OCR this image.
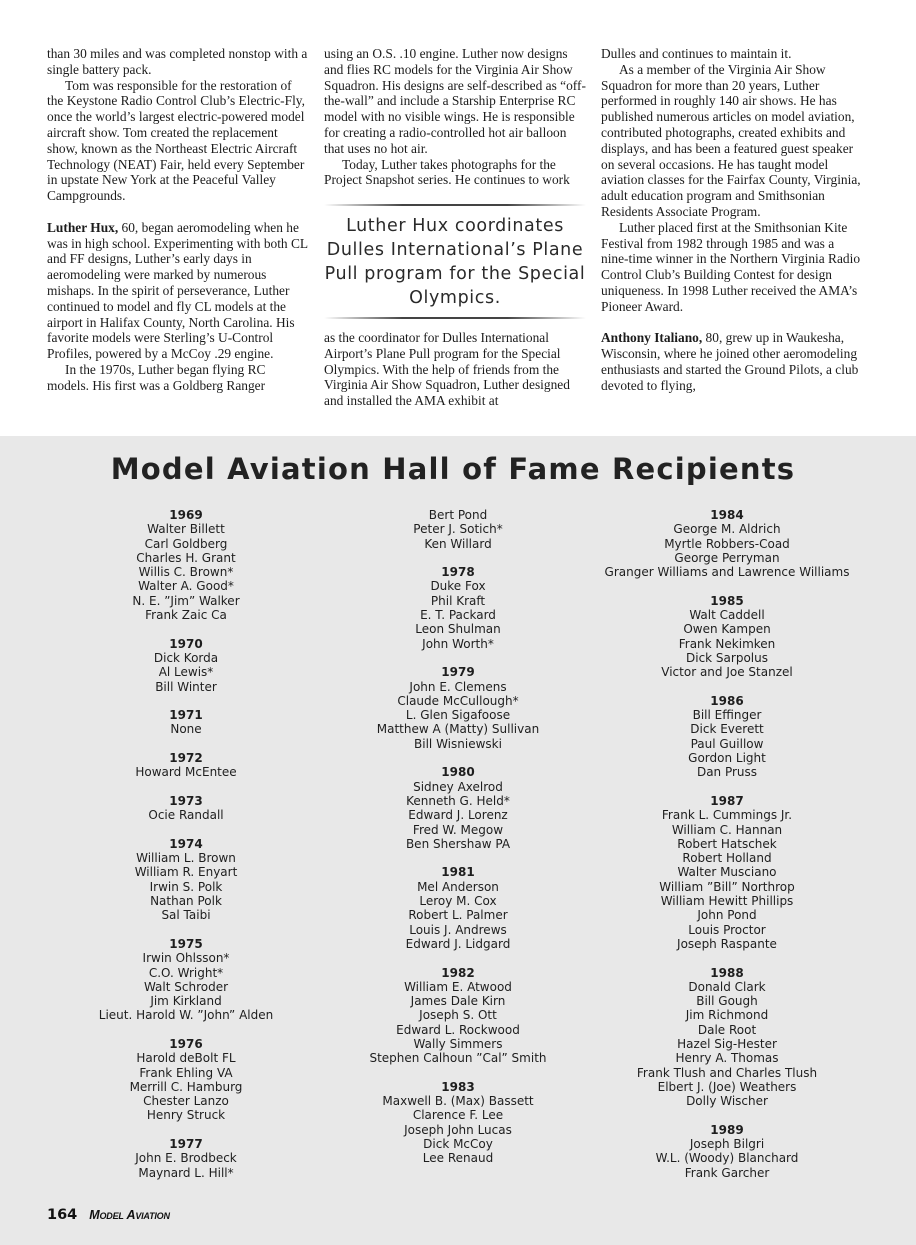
than 30 miles and was completed nonstop with a single battery pack.

Tom was responsible for the restoration of the Keystone Radio Control Club’s Electric-Fly, once the world’s largest electric-powered model aircraft show. Tom created the replacement show, known as the Northeast Electric Aircraft Technology (NEAT) Fair, held every September in upstate New York at the Peaceful Valley Campgrounds.

Luther Hux, 60, began aeromodeling when he was in high school. Experimenting with both CL and FF designs, Luther’s early days in aeromodeling were marked by numerous mishaps. In the spirit of perseverance, Luther continued to model and fly CL models at the airport in Halifax County, North Carolina. His favorite models were Sterling’s U-Control Profiles, powered by a McCoy .29 engine.

In the 1970s, Luther began flying RC models. His first was a Goldberg Ranger

using an O.S. .10 engine. Luther now designs and flies RC models for the Virginia Air Show Squadron. His designs are self-described as “off-the-wall” and include a Starship Enterprise RC model with no visible wings. He is responsible for creating a radio-controlled hot air balloon that uses no hot air.

Today, Luther takes photographs for the Project Snapshot series. He continues to work

Luther Hux coordinates Dulles International’s Plane Pull program for the Special Olympics.

as the coordinator for Dulles International Airport’s Plane Pull program for the Special Olympics. With the help of friends from the Virginia Air Show Squadron, Luther designed and installed the AMA exhibit at

Dulles and continues to maintain it.

As a member of the Virginia Air Show Squadron for more than 20 years, Luther performed in roughly 140 air shows. He has published numerous articles on model aviation, contributed photographs, created exhibits and displays, and has been a featured guest speaker on several occasions. He has taught model aviation classes for the Fairfax County, Virginia, adult education program and Smithsonian Residents Associate Program.

Luther placed first at the Smithsonian Kite Festival from 1982 through 1985 and was a nine-time winner in the Northern Virginia Radio Control Club’s Building Contest for design uniqueness. In 1998 Luther received the AMA’s Pioneer Award.

Anthony Italiano, 80, grew up in Waukesha, Wisconsin, where he joined other aeromodeling enthusiasts and started the Ground Pilots, a club devoted to flying,

Model Aviation Hall of Fame Recipients
1969
Walter Billett
Carl Goldberg
Charles H. Grant
Willis C. Brown*
Walter A. Good*
N. E. ”Jim” Walker
Frank Zaic Ca
1970
Dick Korda
Al Lewis*
Bill Winter
1971
None
1972
Howard McEntee
1973
Ocie Randall
1974
William L. Brown
William R. Enyart
Irwin S. Polk
Nathan Polk
Sal Taibi
1975
Irwin Ohlsson*
C.O. Wright*
Walt Schroder
Jim Kirkland
Lieut. Harold W. ”John” Alden
1976
Harold deBolt FL
Frank Ehling VA
Merrill C. Hamburg
Chester Lanzo
Henry Struck
1977
John E. Brodbeck
Maynard L. Hill*
Bert Pond
Peter J. Sotich*
Ken Willard
1978
Duke Fox
Phil Kraft
E. T. Packard
Leon Shulman
John Worth*
1979
John E. Clemens
Claude McCullough*
L. Glen Sigafoose
Matthew A (Matty) Sullivan
Bill Wisniewski
1980
Sidney Axelrod
Kenneth G. Held*
Edward J. Lorenz
Fred W. Megow
Ben Shershaw PA
1981
Mel Anderson
Leroy M. Cox
Robert L. Palmer
Louis J. Andrews
Edward J. Lidgard
1982
William E. Atwood
James Dale Kirn
Joseph S. Ott
Edward L. Rockwood
Wally Simmers
Stephen Calhoun ”Cal” Smith
1983
Maxwell B. (Max) Bassett
Clarence F. Lee
Joseph John Lucas
Dick McCoy
Lee Renaud
1984
George M. Aldrich
Myrtle Robbers-Coad
George Perryman
Granger Williams and Lawrence Williams
1985
Walt Caddell
Owen Kampen
Frank Nekimken
Dick Sarpolus
Victor and Joe Stanzel
1986
Bill Effinger
Dick Everett
Paul Guillow
Gordon Light
Dan Pruss
1987
Frank L. Cummings Jr.
William C. Hannan
Robert Hatschek
Robert Holland
Walter Musciano
William ”Bill” Northrop
William Hewitt Phillips
John Pond
Louis Proctor
Joseph Raspante
1988
Donald Clark
Bill Gough
Jim Richmond
Dale Root
Hazel Sig-Hester
Henry A. Thomas
Frank Tlush and Charles Tlush
Elbert J. (Joe) Weathers
Dolly Wischer
1989
Joseph Bilgri
W.L. (Woody) Blanchard
Frank Garcher
164 Model Aviation
